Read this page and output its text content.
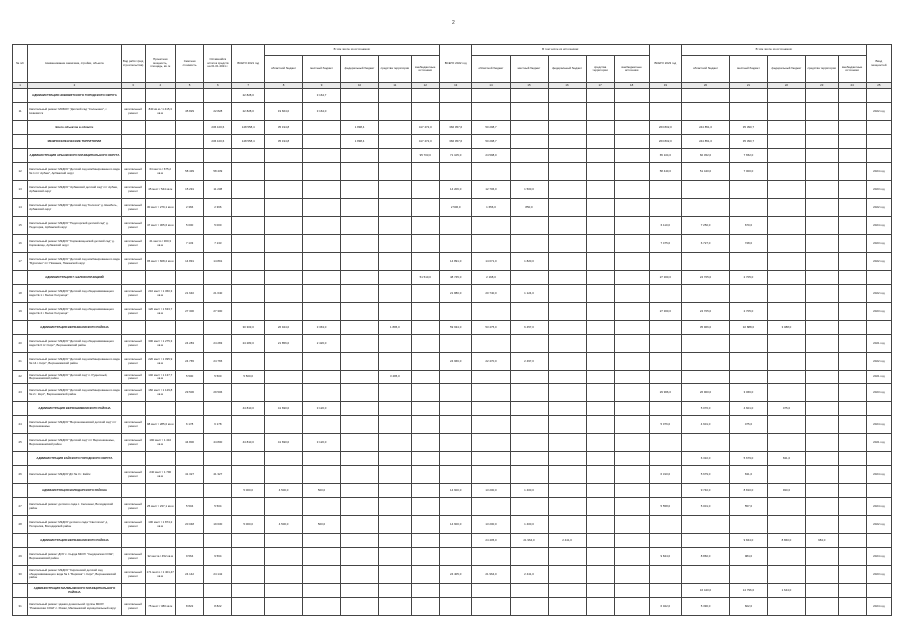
2
№ п/п	Наименование заказчика, стройки, объекта	Вид работ (вид строительства)	Проектная мощность, площадь, кв. м	Сметная стоимость	Оставшийся остаток средств на 01.01.2021 г.	ВСЕГО 2021 год	В том числе из источников:					ВСЕГО 2022 год	В том числе из источников:					ВСЕГО 2023 год	В том числе из источников:					Ввод мощностей
							областной бюджет	местный бюджет	федеральный бюджет	средства территории	внебюджетные источники		областной бюджет	местный бюджет	федеральный бюджет	средства территории	внебюджетные источники		областной бюджет	местный бюджет	федеральный бюджет	средства территории	внебюджетные источники	
1	2	3	4	5	6	7	8	9	10	11	12	13	14	15	16	17	18	19	20	21	22	23	24	25
	АДМИНИСТРАЦИЯ НОВОВЯТСКОГО ГОРОДСКОГО ОКРУГА					22 828,0		3 164,7																
11	Капитальный ремонт МОБОУ "Детский сад "Солнышко", г. Нововятск	капитальный ремонт	840 кв.м / 1 415,3 кв.м	45 829	22 828	22 828,0	19 664,0	3 164,0																2022 год
	Всего объектов в области				236 100,6	148 558,4	35 194,8		1 898,4		417 472,0	366 057,6	50 298,7					263 802,0	244 851,0	35 390,7				
	МЕЖПОСЕЛЕНЧЕСКИЕ ТЕРРИТОРИИ				236 100,6	148 558,4	35 194,8		1 898,4		417 472,0	366 057,6	50 298,7					263 802,0	244 851,0	35 390,7				
	АДМИНИСТРАЦИЯ АРБАЖСКОГО МУНИЦИПАЛЬНОГО ОКРУГА										95 703,0	71 105,0	24 598,0					65 104,0	60 452,0	7 652,0				
12	Капитальный ремонт МКДОУ "Детский сад комбинированного вида № 1 пгт Арбаж", Арбажский округ	капитальный ремонт	64 место / 675,2 кв.м	58 439	58 439													58 440,0	51 440,0	7 000,0				2024 год
13	Капитальный ремонт МКДОУ "Арбажский детский сад" пгт Арбаж, Арбажский округ	капитальный ремонт	45 мест / 544 кв.м	15 291	11 238							14 206,0	12 706,0	1 500,0										2023 год
14	Капитальный ремонт МКДОУ "Детский сад "Колосок" д. Шембеть, Арбажский округ	капитальный ремонт	30 мест / 279,1 кв.м	2 366	2 366							2 506,0	1 656,0	850,0										2022 год
15	Капитальный ремонт МКДОУ "Педогорский детский сад" д. Педогорка, Арбажский округ	капитальный ремонт	47 мест / 305,6 кв.м	5 000	5 000													6 110,0	7 250,0	670,0				2024 год
16	Капитальный ремонт МКДОУ "Кормовищенский детский сад" д. Кормовище, Арбажский округ	капитальный ремонт	21 место / 300,3 кв.м	7 133	7 133													7 475,0	6 727,0	748,0				2023 год
17	Капитальный ремонт МКДОУ "Детский сад комбинированного вида "Буратино" пгт Пижанка, Пижанский округ	капитальный ремонт	95 мест / 668,2 кв.м	14 891	14 891							14 891,0	14 071,0	1 820,0										2022 год
	АДМИНИСТРАЦИЯ Г. БЕЛОХОЛУНИЦКИЙ										51 510,0	48 745,0	2 168,0					27 300,0	24 705,0	2 705,0				
18	Капитальный ремонт МКДОУ "Детский сад общеразвивающего вида № 1 г. Белая Холуница"	капитальный ремонт	210 мест / 1 360,3 кв.м	21 640	21 640							21 880,0	20 740,0	1 124,0										2022 год
19	Капитальный ремонт МКДОУ "Детский сад общеразвивающего вида № 4 г. Белая Холуница"	капитальный ремонт	120 мест / 1 633,7 кв.м	27 300	27 300													27 300,0	24 705,0	2 705,0				2023 год
	АДМИНИСТРАЦИЯ ВЕРХНЕКАМСКОГО РАЙОНА					30 303,0	26 944,0	3 363,0		1 895,0		59 934,0	53 475,0	6 457,0					35 966,0	32 888,0	3 088,0			
20	Капитальный ремонт МКДОУ "Детский сад общеразвивающего вида № 6 пгт Кирс", Верхнекамский район	капитальный ремонт	300 мест / 1 275,3 кв.м	24 283	24 283	24 283,0	21 856,0	2 426,0																2021 год
21	Капитальный ремонт МКДОУ "Детский сад комбинированного вида № 14 г. Кирс", Верхнекамский район	капитальный ремонт	220 мест / 1 095,9 кв.м	24 765	24 765							24 966,0	22 470,0	2 497,0										2022 год
22	Капитальный ремонт МКДОУ "Детский сад" п. Рудничный, Верхнекамский район	капитальный ремонт	140 мест / 1 137,7 кв.м	5 500	5 500	5 500,0				3 495,0														2021 год
23	Капитальный ремонт МКДОУ "Детский сад комбинированного вида № 2 г. Кирс", Верхнекамский район	капитальный ремонт	160 мест / 1 129,8 кв.м	29 506	29 506													29 966,0	26 900,0	3 066,0				2023 год
	АДМИНИСТРАЦИЯ ВЕРХОШИЖЕМСКОГО РАЙОНА					44 810,0	41 690,0	3 120,0											5 076,0	4 601,0	475,0			
24	Капитальный ремонт МКДОУ "Верхошижемский детский сад" пгт Верхошижемье	капитальный ремонт	98 мест / 285,0 кв.м	6 178	6 178													5 076,0	4 601,0	475,0				2024 год
25	Капитальный ремонт МКДОУ "Детский сад" пгт Верхошижемье, Верхошижемский район	капитальный ремонт	190 мест / 1 410 кв.м	44 800	44 800	44 810,0	41 690,0	3 120,0																2021 год
	АДМИНИСТРАЦИЯ КАЙСКОГО ГОРОДСКОГО ОКРУГА																		6 310,0	5 679,0	631,0			
26	Капитальный ремонт МКДОУ ДС № 3 г. Кайск	капитальный ремонт	240 мест / 1 790 кв.м	41 327	41 327													6 310,0	5 679,0	631,0				2024 год
	АДМИНИСТРАЦИЯ ВОЛОДАРСКОГО РАЙОНА					5 000,0	4 500,0	500,0				14 600,0	13 200,0	1 400,0					9 740,0	8 810,0	930,0			
27	Капитальный ремонт детского сада с. Селезени, Володарский район	капитальный ремонт	25 мест / 237,1 кв.м	5 504	5 504													5 558,0	5 001,0	557,0				2024 год
28	Капитальный ремонт МКДОУ детского сада "Светлячок" д. Погорелка, Володарский район	капитальный ремонт	100 мест / 1 874,2 кв.м	20 048	19 630	5 000,0	4 500,0	500,0				14 600,0	13 200,0	1 400,0										2022 год
	АДМИНИСТРАЦИЯ ВЕРХНЕКАМСКОГО РАЙОНА												24 405,0	21 964,0	2 441,0					9 844,0	8 860,0	984,0		
29	Капитальный ремонт ДОУ с. Сырда МКОУ "Сырдинская СОШ", Верхнекамский район	капитальный ремонт	32 места / 452 кв.м	9 564	9 564													9 844,0	8 860,0	984,0				2024 год
30	Капитальный ремонт МКДОУ "Кирсинский детский сад общеразвивающего вида № 1 "Берёзка" г. Кирс", Верхнекамский район	капитальный ремонт	171 место / 1 401,47 кв.м	24 142	24 142							24 405,0	21 964,0	2 441,0										2023 год
	АДМИНИСТРАЦИЯ МАЛМЫЖСКОГО МУНИЦИПАЛЬНОГО РАЙОНА																		16 440,0	14 796,0	1 644,0			
31	Капитальный ремонт здания дошкольной группы МКОУ "Рожкинская СОШ" с. Рожки, Малмыжский муниципальный округ	капитальный ремонт	75 мест / 380 кв.м	8 822	8 822													6 022,0	5 390,0	602,0				2024 год
